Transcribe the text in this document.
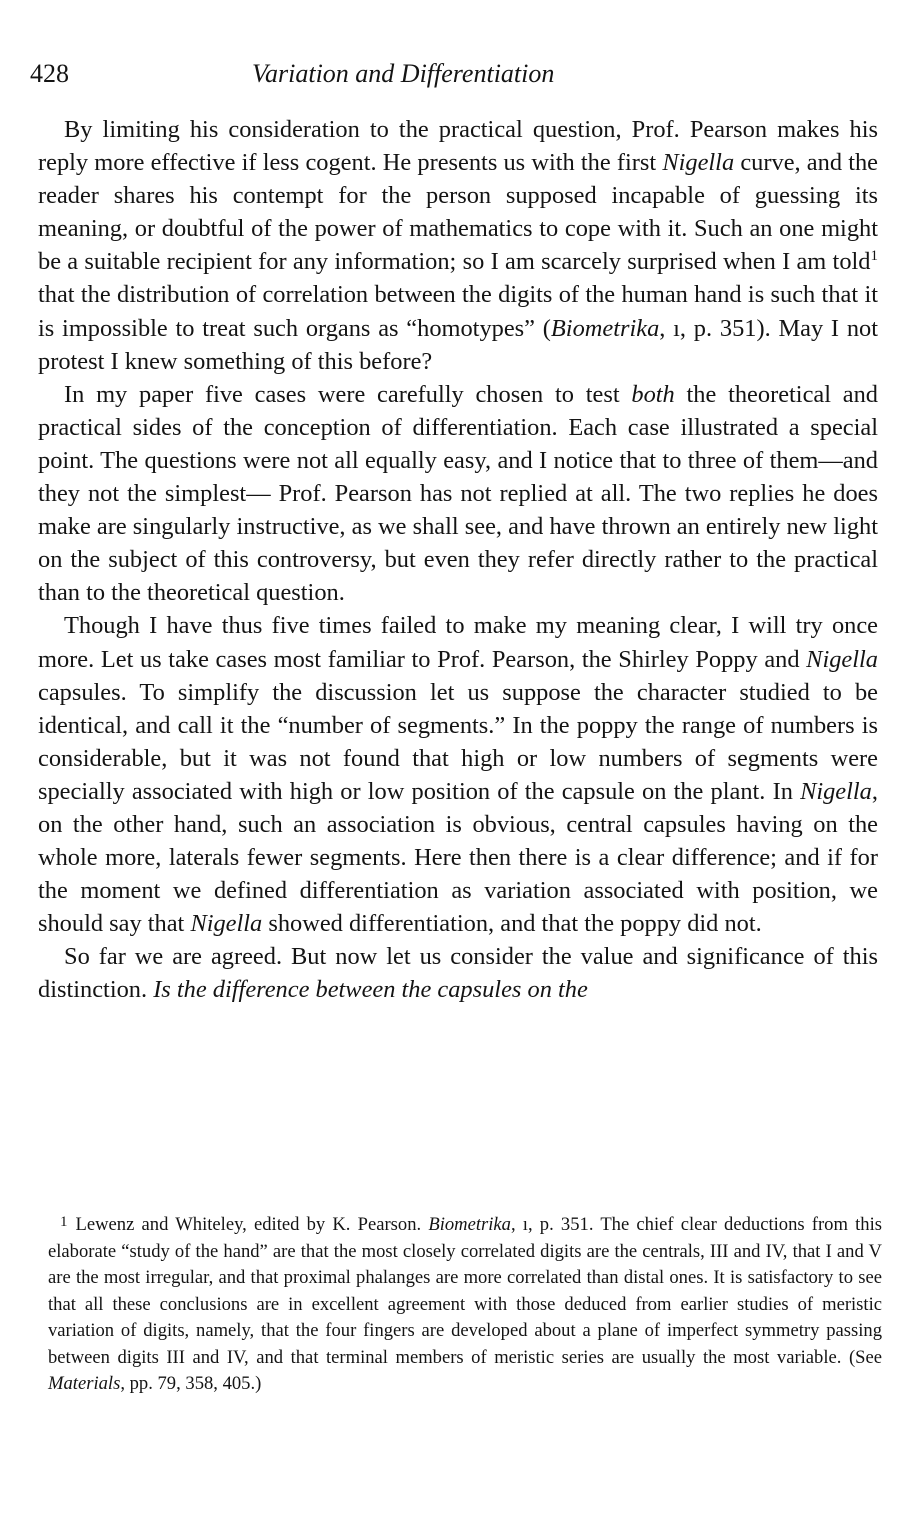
428	Variation and Differentiation

By limiting his consideration to the practical question, Prof. Pearson makes his reply more effective if less cogent. He presents us with the first Nigella curve, and the reader shares his contempt for the person supposed incapable of guessing its meaning, or doubtful of the power of mathematics to cope with it. Such an one might be a suitable recipient for any information; so I am scarcely surprised when I am told$^1$ that the distribution of correlation between the digits of the human hand is such that it is impossible to treat such organs as “homotypes” (Biometrika, ı, p. 351). May I not protest I knew something of this before?

In my paper five cases were carefully chosen to test both the theoretical and practical sides of the conception of differentiation. Each case illustrated a special point. The questions were not all equally easy, and I notice that to three of them—and they not the simplest— Prof. Pearson has not replied at all. The two replies he does make are singularly instructive, as we shall see, and have thrown an entirely new light on the subject of this controversy, but even they refer directly rather to the practical than to the theoretical question.

Though I have thus five times failed to make my meaning clear, I will try once more. Let us take cases most familiar to Prof. Pearson, the Shirley Poppy and Nigella capsules. To simplify the discussion let us suppose the character studied to be identical, and call it the “number of segments.” In the poppy the range of numbers is considerable, but it was not found that high or low numbers of segments were specially associated with high or low position of the capsule on the plant. In Nigella, on the other hand, such an association is obvious, central capsules having on the whole more, laterals fewer segments. Here then there is a clear difference; and if for the moment we defined differentiation as variation associated with position, we should say that Nigella showed differentiation, and that the poppy did not.

So far we are agreed. But now let us consider the value and significance of this distinction. Is the difference between the capsules on the

$^1$ Lewenz and Whiteley, edited by K. Pearson. Biometrika, ı, p. 351. The chief clear deductions from this elaborate “study of the hand” are that the most closely correlated digits are the centrals, III and IV, that I and V are the most irregular, and that proximal phalanges are more correlated than distal ones. It is satisfactory to see that all these conclusions are in excellent agreement with those deduced from earlier studies of meristic variation of digits, namely, that the four fingers are developed about a plane of imperfect symmetry passing between digits III and IV, and that terminal members of meristic series are usually the most variable. (See Materials, pp. 79, 358, 405.)
